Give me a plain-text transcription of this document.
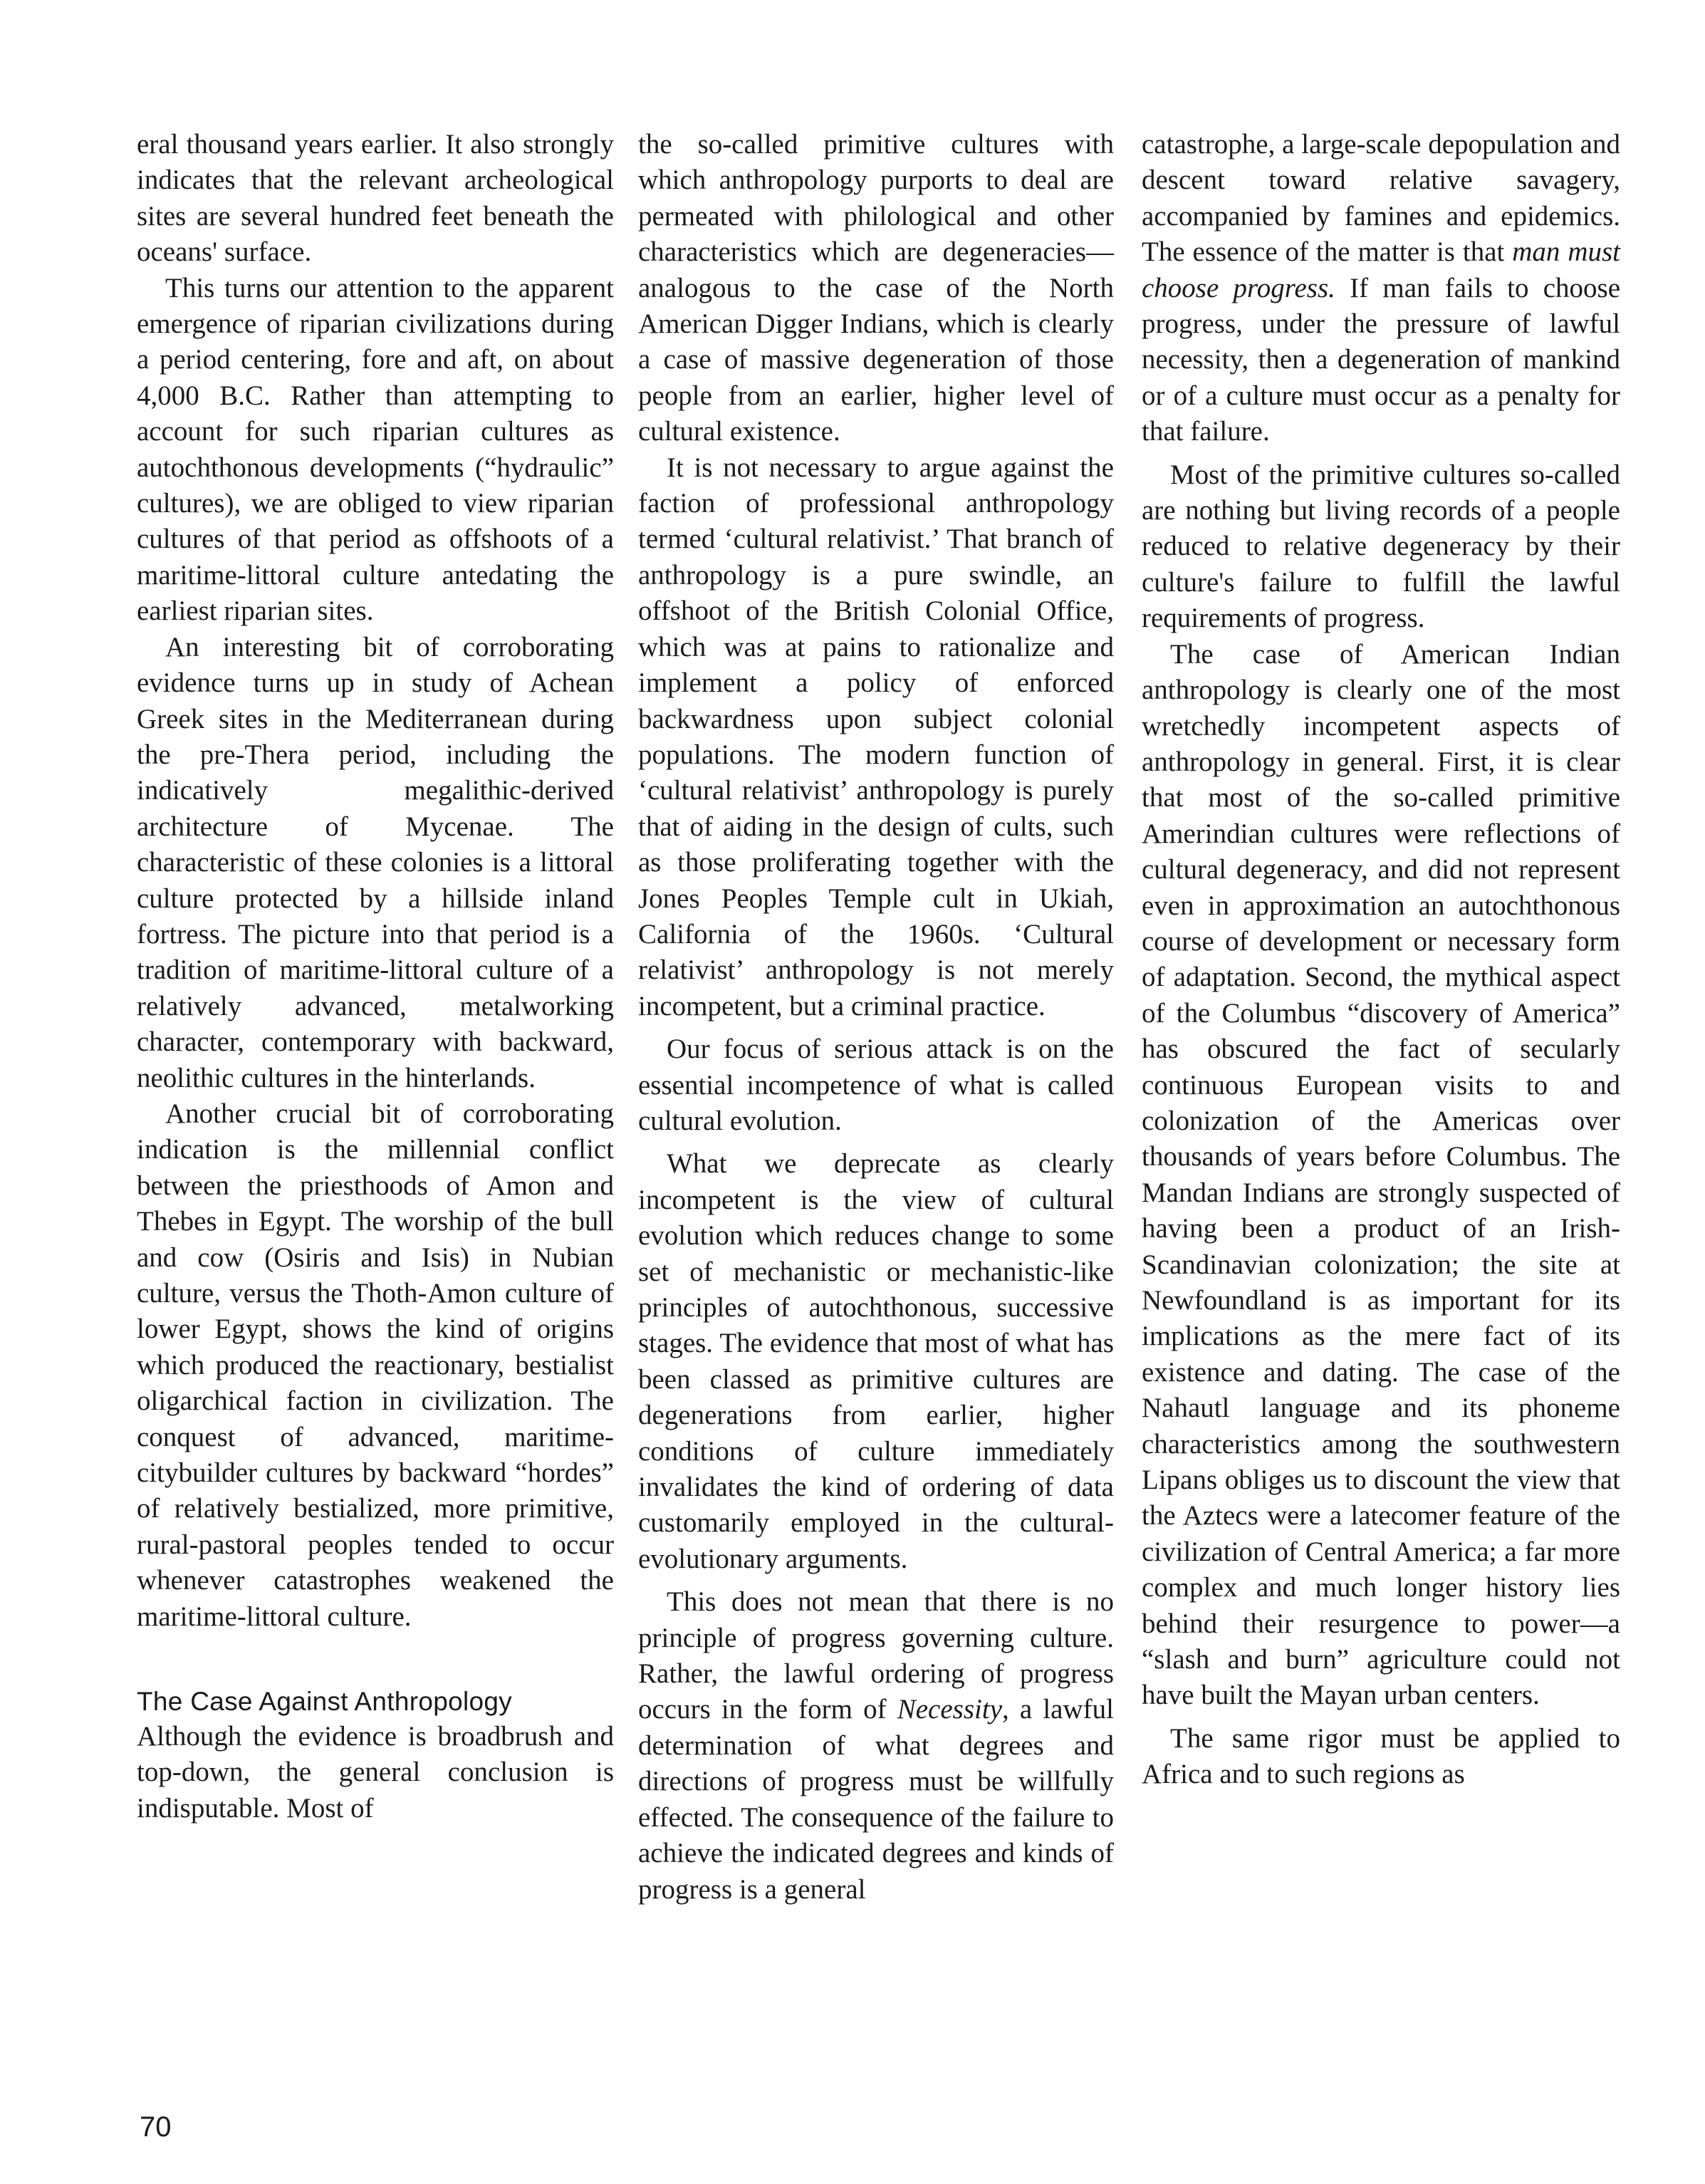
eral thousand years earlier. It also strongly indicates that the relevant archeological sites are several hundred feet beneath the oceans' surface.

This turns our attention to the apparent emergence of riparian civilizations during a period centering, fore and aft, on about 4,000 B.C. Rather than attempting to account for such riparian cultures as autochthonous developments (“hydraulic” cultures), we are obliged to view riparian cultures of that period as offshoots of a maritime-littoral culture antedating the earliest riparian sites.

An interesting bit of corroborating evidence turns up in study of Achean Greek sites in the Mediterranean during the pre-Thera period, including the indicatively megalithic-derived architecture of Mycenae. The characteristic of these colonies is a littoral culture protected by a hillside inland fortress. The picture into that period is a tradition of maritime-littoral culture of a relatively advanced, metalworking character, contemporary with backward, neolithic cultures in the hinterlands.

Another crucial bit of corroborating indication is the millennial conflict between the priesthoods of Amon and Thebes in Egypt. The worship of the bull and cow (Osiris and Isis) in Nubian culture, versus the Thoth-Amon culture of lower Egypt, shows the kind of origins which produced the reactionary, bestialist oligarchical faction in civilization. The conquest of advanced, maritime-citybuilder cultures by backward “hordes” of relatively bestialized, more primitive, rural-pastoral peoples tended to occur whenever catastrophes weakened the maritime-littoral culture.

The Case Against Anthropology

Although the evidence is broadbrush and top-down, the general conclusion is indisputable. Most of

the so-called primitive cultures with which anthropology purports to deal are permeated with philological and other characteristics which are degeneracies—analogous to the case of the North American Digger Indians, which is clearly a case of massive degeneration of those people from an earlier, higher level of cultural existence.

It is not necessary to argue against the faction of professional anthropology termed ‘cultural relativist.’ That branch of anthropology is a pure swindle, an offshoot of the British Colonial Office, which was at pains to rationalize and implement a policy of enforced backwardness upon subject colonial populations. The modern function of ‘cultural relativist’ anthropology is purely that of aiding in the design of cults, such as those proliferating together with the Jones Peoples Temple cult in Ukiah, California of the 1960s. ‘Cultural relativist’ anthropology is not merely incompetent, but a criminal practice.

Our focus of serious attack is on the essential incompetence of what is called cultural evolution.

What we deprecate as clearly incompetent is the view of cultural evolution which reduces change to some set of mechanistic or mechanistic-like principles of autochthonous, successive stages. The evidence that most of what has been classed as primitive cultures are degenerations from earlier, higher conditions of culture immediately invalidates the kind of ordering of data customarily employed in the cultural-evolutionary arguments.

This does not mean that there is no principle of progress governing culture. Rather, the lawful ordering of progress occurs in the form of Necessity, a lawful determination of what degrees and directions of progress must be willfully effected. The consequence of the failure to achieve the indicated degrees and kinds of progress is a general

catastrophe, a large-scale depopulation and descent toward relative savagery, accompanied by famines and epidemics. The essence of the matter is that man must choose progress. If man fails to choose progress, under the pressure of lawful necessity, then a degeneration of mankind or of a culture must occur as a penalty for that failure.

Most of the primitive cultures so-called are nothing but living records of a people reduced to relative degeneracy by their culture's failure to fulfill the lawful requirements of progress.

The case of American Indian anthropology is clearly one of the most wretchedly incompetent aspects of anthropology in general. First, it is clear that most of the so-called primitive Amerindian cultures were reflections of cultural degeneracy, and did not represent even in approximation an autochthonous course of development or necessary form of adaptation. Second, the mythical aspect of the Columbus “discovery of America” has obscured the fact of secularly continuous European visits to and colonization of the Americas over thousands of years before Columbus. The Mandan Indians are strongly suspected of having been a product of an Irish-Scandinavian colonization; the site at Newfoundland is as important for its implications as the mere fact of its existence and dating. The case of the Nahautl language and its phoneme characteristics among the southwestern Lipans obliges us to discount the view that the Aztecs were a latecomer feature of the civilization of Central America; a far more complex and much longer history lies behind their resurgence to power—a “slash and burn” agriculture could not have built the Mayan urban centers.

The same rigor must be applied to Africa and to such regions as

70
